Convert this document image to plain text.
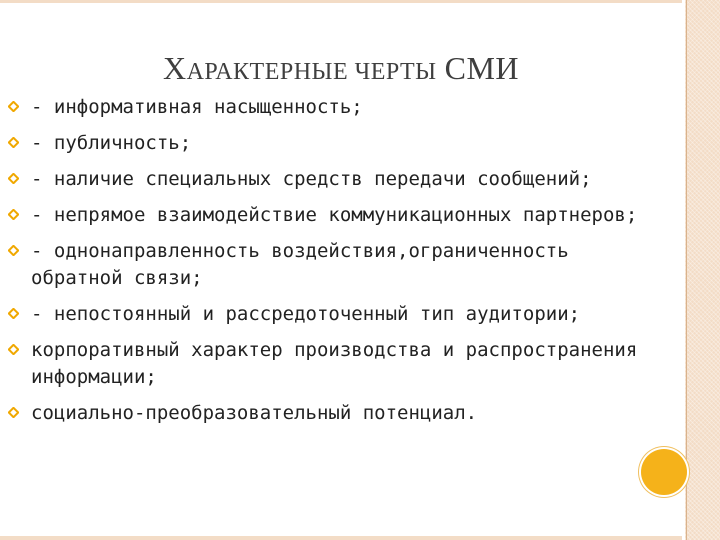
ХАРАКТЕРНЫЕ ЧЕРТЫ СМИ
- информативная насыщенность;
- публичность;
- наличие специальных средств передачи сообщений;
- непрямое взаимодействие коммуникационных партнеров;
- однонаправленность воздействия,ограниченность обратной связи;
- непостоянный и рассредоточенный тип аудитории;
корпоративный характер производства и распространения информации;
социально-преобразовательный потенциал.
